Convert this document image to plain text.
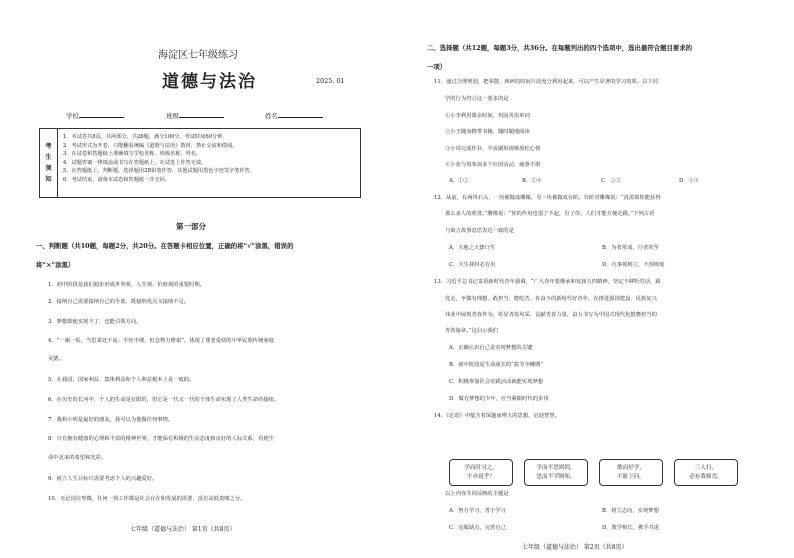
海淀区七年级练习
道德与法治	2025. 01
学校	班级	姓名
考
生
须
知
1．本试卷共8页，共两部分，共26题，满分100分。考试时间60分钟。
2．考试形式为开卷，只能翻看统编《道德与法治》教材，禁止交流和借阅。
3．在试卷和答题纸上准确填写学校名称、班级名称、姓名。
4．试题答案一律填涂或书写在答题纸上，在试卷上作答无效。
5．在答题纸上，判断题、选择题用2B铅笔作答，其他试题用黑色字迹签字笔作答。
6．考试结束，请将本试卷和答题纸一并交回。
第一部分
一、判断题（共10题，每题2分，共20分。在答题卡相应位置，正确的将“√”涂黑，错误的
将“×”涂黑）
1．初中阶段是我们初步形成世界观、人生观、价值观的重要时期。
2．接纳自己需要接纳自己的全部，既接纳优点又接纳不足。
3．梦想即使实现不了，也能引领方向。
4．“一粥一饭，当思来处不易；半丝半缕，恒念物力维艰”，体现了尊老爱幼的中华民族传统家庭
美德。
5．在我国，国家利益、集体利益和个人利益根本上是一致的。
6．在历史的长河中，个人的生命是有限的，但正是一代又一代的个体生命实现了人类生命的接续。
7．我和小明是最好的朋友，我可以为他做任何事情。
8．只有拥有健康的心理和丰富的精神世界，才能保有积极的生活态度和良好的人际关系，看到生
命中更多的希望和光彩。
9．树立人生目标只需要考虑个人的兴趣爱好。
10．无论岗位卑微，任何一项工作都是社会存在和发展的需要，没有高低贵贱之分。
七年级（道德与法治） 第1页（共8页）
二、选择题（共12题，每题3分，共36分。在每题列出的四个选项中，选出最符合题目要求的
一项）
11．通过合理规划，把零散、琐碎的时间片段充分利用起来，可以产生显著的学习效果。以下同
学的行为符合这一要求的是
①小李利用课余时间，巩固英语单词
②小王随身携带书籍，随时随地阅读
③小周完成作业，半夜刷短视频放松心情
④小张与周参加多个社团活动，疲惫不堪
A．①②	B．①④	C．②③	D．③④
12．从前，有两块石头，一块被做成雕像，另一块被做成台阶。台阶对雕像说：“真羡慕你能获得
那么多人的欣赏。”雕像说：“你的作用也很了不起，有了你，人们才能方便走路。”下列古语
与寓言故事意思表达一致的是
A．天地之大德曰生	B．为者常成，行者常至
C．天生我材必有用	D．凡事预则立，不预则废
13．习近平总书记寄语新时代青年强调，“广大青年要继承和发扬五四精神，坚定不移听党话、跟
党走，争做有理想、敢担当、能吃苦、肯奋斗的新时代好青年，在推进强国建设、民族复兴
伟业中展现青春作为、彰显青春风采、贡献青春力量，奋力书写为中国式现代化挺膺担当的
青春篇章。”这启示我们
A．正确认识自己是实现梦想的关键
B．初中阶段是生命成长的“拔节孕穗期”
C．积极参加社会实践活动就能实现梦想
D．做有梦想的少年，应当紧跟时代的步伐
14．《论语》中蕴含着深邃而博大的思想，启迪智慧。
学而时习之，
不亦说乎？
学而不思则罔，
思而不学则殆。
敏而好学，
不耻下问。
三人行，
必有我师焉。
以上内容共同反映的主题是
A．努力学习，善于学习	B．树立志向，实现梦想
C．克服缺点，完善自己	D．教学相长，携手共进
七年级（道德与法治） 第2页（共8页）
